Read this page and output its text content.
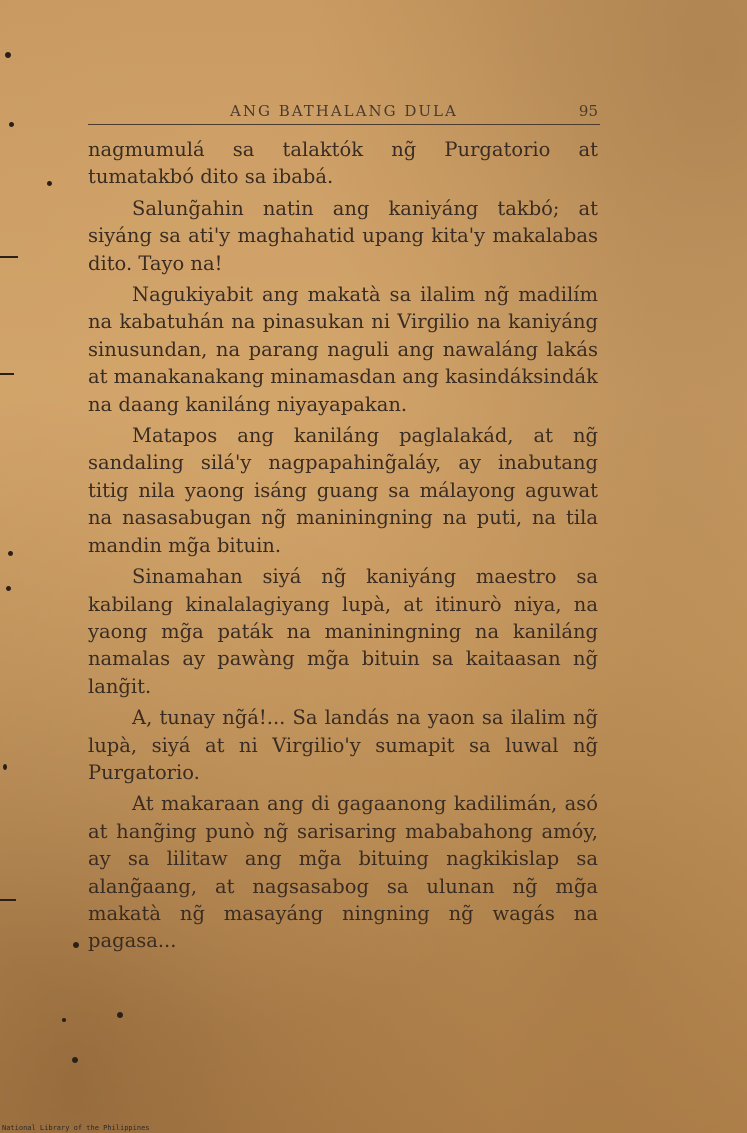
ANG BATHALANG DULA	95

nagmumulá sa talaktók ng̃ Purgatorio at tumatakbó dito sa ibabá.

Salung̃ahin natin ang kaniyáng takbó; at siyáng sa ati'y maghahatid upang kita'y makalabas dito. Tayo na!

Nagukiyabit ang makatà sa ilalim ng̃ madilím na kabatuhán na pinasukan ni Virgilio na kaniyáng sinusundan, na parang naguli ang nawaláng lakás at manakanakang minamasdan ang kasindáksindák na daang kaniláng niyayapakan.

Matapos ang kaniláng paglalakád, at ng̃ sandaling silá'y nagpapahing̃aláy, ay inabutang titig nila yaong isáng guang sa málayong aguwat na nasasabugan ng̃ maniningning na puti, na tila mandin mg̃a bituin.

Sinamahan siyá ng̃ kaniyáng maestro sa kabilang kinalalagiyang lupà, at itinurò niya, na yaong mg̃a paták na maniningning na kaniláng namalas ay pawàng mg̃a bituin sa kaitaasan ng̃ lang̃it.

A, tunay ng̃á!... Sa landás na yaon sa ilalim ng̃ lupà, siyá at ni Virgilio'y sumapit sa luwal ng̃ Purgatorio.

At makaraan ang di gagaanong kadilimán, asó at hang̃ing punò ng̃ sarisaring mababahong amóy, ay sa lilitaw ang mg̃a bituing nagkikislap sa alang̃aang, at nagsasabog sa ulunan ng̃ mg̃a makatà ng̃ masayáng ningning ng̃ wagás na pagasa...

National Library of the Philippines
